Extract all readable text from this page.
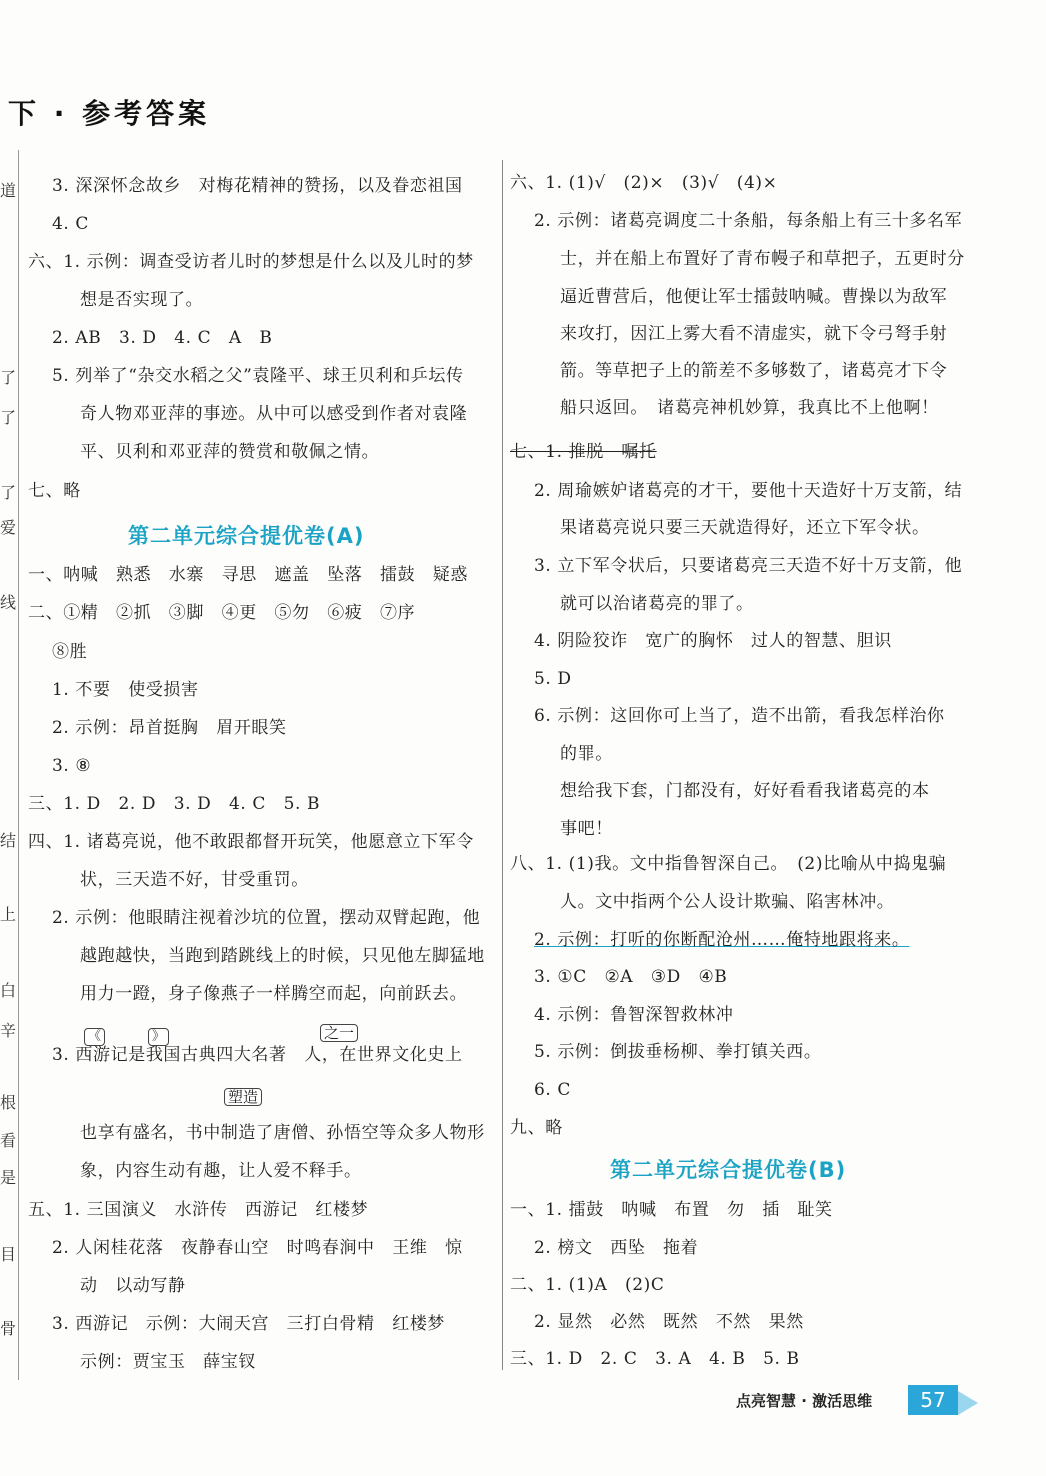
下 · 参考答案
道
了
了
了
爱
线
结
上
白
辛
根
看
是
目
骨
3. 深深怀念故乡　对梅花精神的赞扬，以及眷恋祖国
4. C
六、1. 示例：调查受访者儿时的梦想是什么以及儿时的梦
想是否实现了。
2. AB　3. D　4. C　A　B
5. 列举了“杂交水稻之父”袁隆平、球王贝利和乒坛传
奇人物邓亚萍的事迹。从中可以感受到作者对袁隆
平、贝利和邓亚萍的赞赏和敬佩之情。
七、略
第二单元综合提优卷(A)
一、呐喊　熟悉　水寨　寻思　遮盖　坠落　擂鼓　疑惑
二、①精　②抓　③脚　④更　⑤勿　⑥疲　⑦序
⑧胜
1. 不要　使受损害
2. 示例：昂首挺胸　眉开眼笑
3. ⑧
三、1. D　2. D　3. D　4. C　5. B
四、1. 诸葛亮说，他不敢跟都督开玩笑，他愿意立下军令
状，三天造不好，甘受重罚。
2. 示例：他眼睛注视着沙坑的位置，摆动双臂起跑，他
越跑越快，当跑到踏跳线上的时候，只见他左脚猛地
用力一蹬，身子像燕子一样腾空而起，向前跃去。
《	》	之一
3. 西游记是我国古典四大名著　人，在世界文化史上
塑造
也享有盛名，书中制造了唐僧、孙悟空等众多人物形
象，内容生动有趣，让人爱不释手。
五、1. 三国演义　水浒传　西游记　红楼梦
2. 人闲桂花落　夜静春山空　时鸣春涧中　王维　惊
动　以动写静
3. 西游记　示例：大闹天宫　三打白骨精　红楼梦
示例：贾宝玉　薛宝钗
六、1. (1)√　(2)×　(3)√　(4)×
2. 示例：诸葛亮调度二十条船，每条船上有三十多名军
士，并在船上布置好了青布幔子和草把子，五更时分
逼近曹营后，他便让军士擂鼓呐喊。曹操以为敌军
来攻打，因江上雾大看不清虚实，就下令弓弩手射
箭。等草把子上的箭差不多够数了，诸葛亮才下令
船只返回。　诸葛亮神机妙算，我真比不上他啊！
七、1. 推脱　嘱托
2. 周瑜嫉妒诸葛亮的才干，要他十天造好十万支箭，结
果诸葛亮说只要三天就造得好，还立下军令状。
3. 立下军令状后，只要诸葛亮三天造不好十万支箭，他
就可以治诸葛亮的罪了。
4. 阴险狡诈　宽广的胸怀　过人的智慧、胆识
5. D
6. 示例：这回你可上当了，造不出箭，看我怎样治你
的罪。
想给我下套，门都没有，好好看看我诸葛亮的本
事吧！
八、1. (1)我。文中指鲁智深自己。　(2)比喻从中捣鬼骗
人。文中指两个公人设计欺骗、陷害林冲。
2. 示例：打听的你断配沧州……俺特地跟将来。
3. ①C　②A　③D　④B
4. 示例：鲁智深智救林冲
5. 示例：倒拔垂杨柳、拳打镇关西。
6. C
九、略
第二单元综合提优卷(B)
一、1. 擂鼓　呐喊　布置　勿　插　耻笑
2. 榜文　西坠　拖着
二、1. (1)A　(2)C
2. 显然　必然　既然　不然　果然
三、1. D　2. C　3. A　4. B　5. B
点亮智慧 · 激活思维	57
